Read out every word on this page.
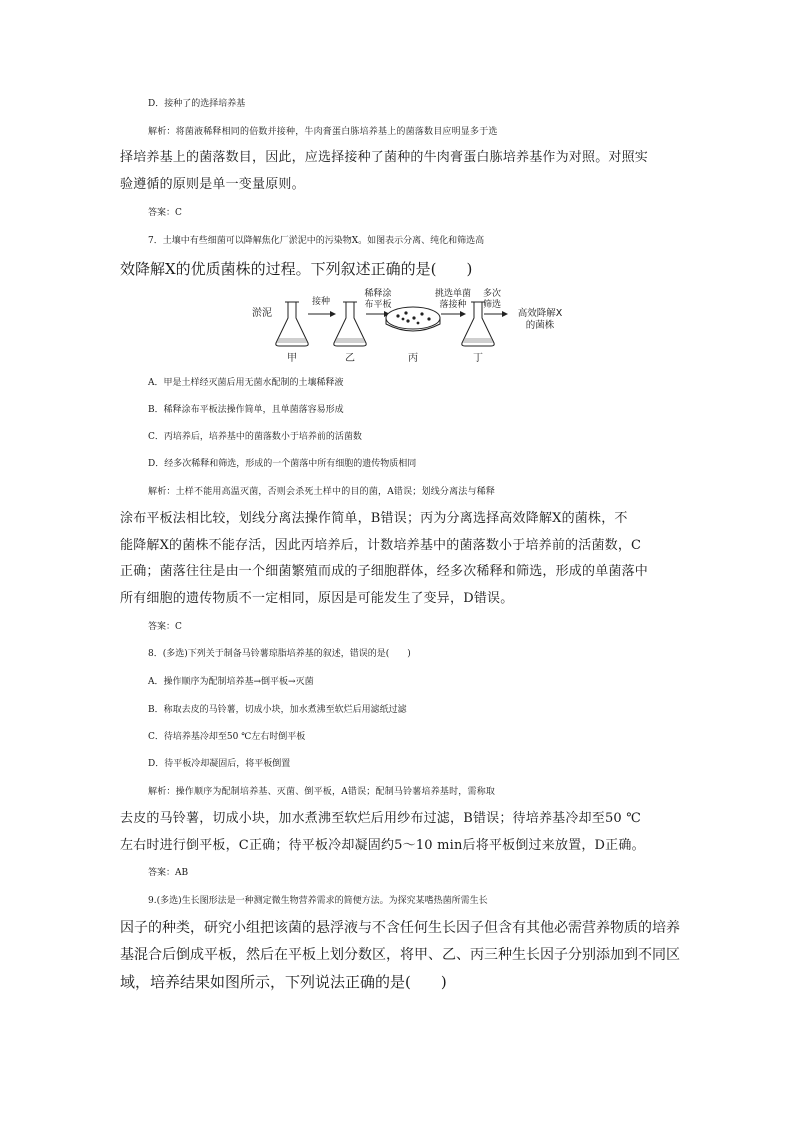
D．接种了的选择培养基
解析：将菌液稀释相同的倍数并接种，牛肉膏蛋白胨培养基上的菌落数目应明显多于选
择培养基上的菌落数目，因此，应选择接种了菌种的牛肉膏蛋白胨培养基作为对照。对照实
验遵循的原则是单一变量原则。
答案：C
7．土壤中有些细菌可以降解焦化厂淤泥中的污染物X。如图表示分离、纯化和筛选高
效降解X的优质菌株的过程。下列叙述正确的是(　　)
淤泥
甲
接种
乙
稀释涂
布平板
丙
挑选单菌
落接种
丁
多次
筛选
高效降解X
的菌株
A．甲是土样经灭菌后用无菌水配制的土壤稀释液
B．稀释涂布平板法操作简单，且单菌落容易形成
C．丙培养后，培养基中的菌落数小于培养前的活菌数
D．经多次稀释和筛选，形成的一个菌落中所有细胞的遗传物质相同
解析：土样不能用高温灭菌，否则会杀死土样中的目的菌，A错误；划线分离法与稀释
涂布平板法相比较，划线分离法操作简单，B错误；丙为分离选择高效降解X的菌株，不
能降解X的菌株不能存活，因此丙培养后，计数培养基中的菌落数小于培养前的活菌数，C
正确；菌落往往是由一个细菌繁殖而成的子细胞群体，经多次稀释和筛选，形成的单菌落中
所有细胞的遗传物质不一定相同，原因是可能发生了变异，D错误。
答案：C
8．(多选)下列关于制备马铃薯琼脂培养基的叙述，错误的是(　　)
A．操作顺序为配制培养基→倒平板→灭菌
B．称取去皮的马铃薯，切成小块，加水煮沸至软烂后用滤纸过滤
C．待培养基冷却至50 ℃左右时倒平板
D．待平板冷却凝固后，将平板倒置
解析：操作顺序为配制培养基、灭菌、倒平板，A错误；配制马铃薯培养基时，需称取
去皮的马铃薯，切成小块，加水煮沸至软烂后用纱布过滤，B错误；待培养基冷却至50 ℃
左右时进行倒平板，C正确；待平板冷却凝固约5～10 min后将平板倒过来放置，D正确。
答案：AB
9.(多选)生长图形法是一种测定微生物营养需求的简便方法。为探究某嗜热菌所需生长
因子的种类，研究小组把该菌的悬浮液与不含任何生长因子但含有其他必需营养物质的培养
基混合后倒成平板，然后在平板上划分数区，将甲、乙、丙三种生长因子分别添加到不同区
域，培养结果如图所示，下列说法正确的是(　　)
